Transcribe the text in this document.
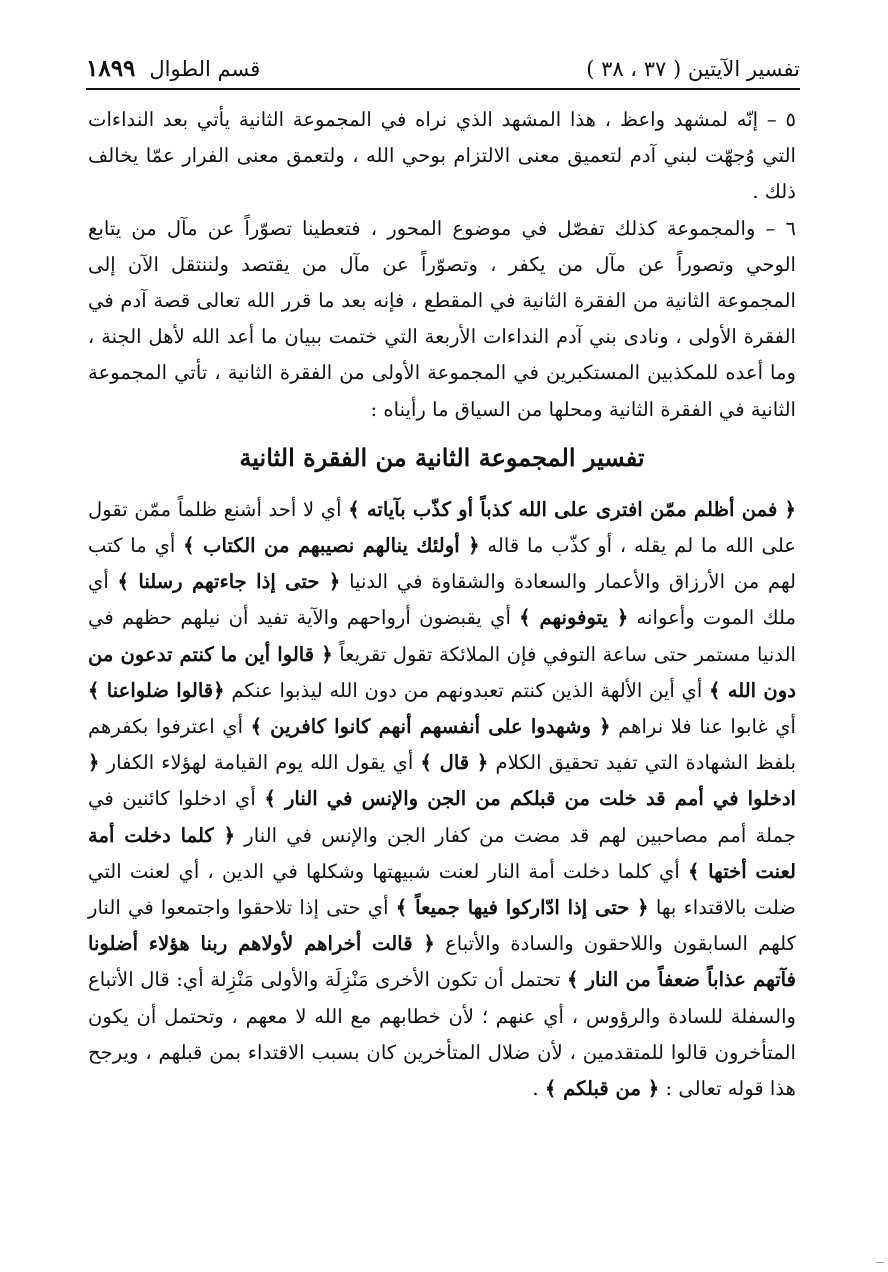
تفسير الآيتين ( ٣٧ ، ٣٨ )
قسم الطوال
١٨٩٩

٥ – إنّه لمشهد واعظ ، هذا المشهد الذي نراه في المجموعة الثانية يأتي بعد النداءات التي وُجهّت لبني آدم لتعميق معنى الالتزام بوحي الله ، ولتعمق معنى الفرار عمّا يخالف ذلك .

٦ – والمجموعة كذلك تفصّل في موضوع المحور ، فتعطينا تصوّراً عن مآل من يتابع الوحي وتصوراً عن مآل من يكفر ، وتصوّراً عن مآل من يقتصد ولننتقل الآن إلى المجموعة الثانية من الفقرة الثانية في المقطع ، فإنه بعد ما قرر الله تعالى قصة آدم في الفقرة الأولى ، ونادى بني آدم النداءات الأربعة التي ختمت ببيان ما أعد الله لأهل الجنة ، وما أعده للمكذبين المستكبرين في المجموعة الأولى من الفقرة الثانية ، تأتي المجموعة الثانية في الفقرة الثانية ومحلها من السياق ما رأيناه :

تفسير المجموعة الثانية من الفقرة الثانية

﴿ فمن أظلم ممّن افترى على الله كذباً أو كذّب بآياته ﴾ أي لا أحد أشنع ظلماً ممّن تقول على الله ما لم يقله ، أو كذّب ما قاله ﴿ أولئك ينالهم نصيبهم من الكتاب ﴾ أي ما كتب لهم من الأرزاق والأعمار والسعادة والشقاوة في الدنيا ﴿ حتى إذا جاءتهم رسلنا ﴾ أي ملك الموت وأعوانه ﴿ يتوفونهم ﴾ أي يقبضون أرواحهم والآية تفيد أن نيلهم حظهم في الدنيا مستمر حتى ساعة التوفي فإن الملائكة تقول تقريعاً ﴿ قالوا أين ما كنتم تدعون من دون الله ﴾ أي أين الألهة الذين كنتم تعبدونهم من دون الله ليذبوا عنكم ﴿قالوا ضلواعنا ﴾ أي غابوا عنا فلا نراهم ﴿ وشهدوا على أنفسهم أنهم كانوا كافرين ﴾ أي اعترفوا بكفرهم بلفظ الشهادة التي تفيد تحقيق الكلام ﴿ قال ﴾ أي يقول الله يوم القيامة لهؤلاء الكفار ﴿ ادخلوا في أمم قد خلت من قبلكم من الجن والإنس في النار ﴾ أي ادخلوا كائنين في جملة أمم مصاحبين لهم قد مضت من كفار الجن والإنس في النار ﴿ كلما دخلت أمة لعنت أختها ﴾ أي كلما دخلت أمة النار لعنت شبيهتها وشكلها في الدين ، أي لعنت التي ضلت بالاقتداء بها ﴿ حتى إذا ادّاركوا فيها جميعاً ﴾ أي حتى إذا تلاحقوا واجتمعوا في النار كلهم السابقون واللاحقون والسادة والأتباع ﴿ قالت أخراهم لأولاهم ربنا هؤلاء أضلونا فآتهم عذاباً ضعفاً من النار ﴾ تحتمل أن تكون الأخرى مَنْزِلَة والأولى مَنْزِلة أي: قال الأتباع والسفلة للسادة والرؤوس ، أي عنهم ؛ لأن خطابهم مع الله لا معهم ، وتحتمل أن يكون المتأخرون قالوا للمتقدمين ، لأن ضلال المتأخرين كان بسبب الاقتداء بمن قبلهم ، ويرجح هذا قوله تعالى : ﴿ من قبلكم ﴾ .
